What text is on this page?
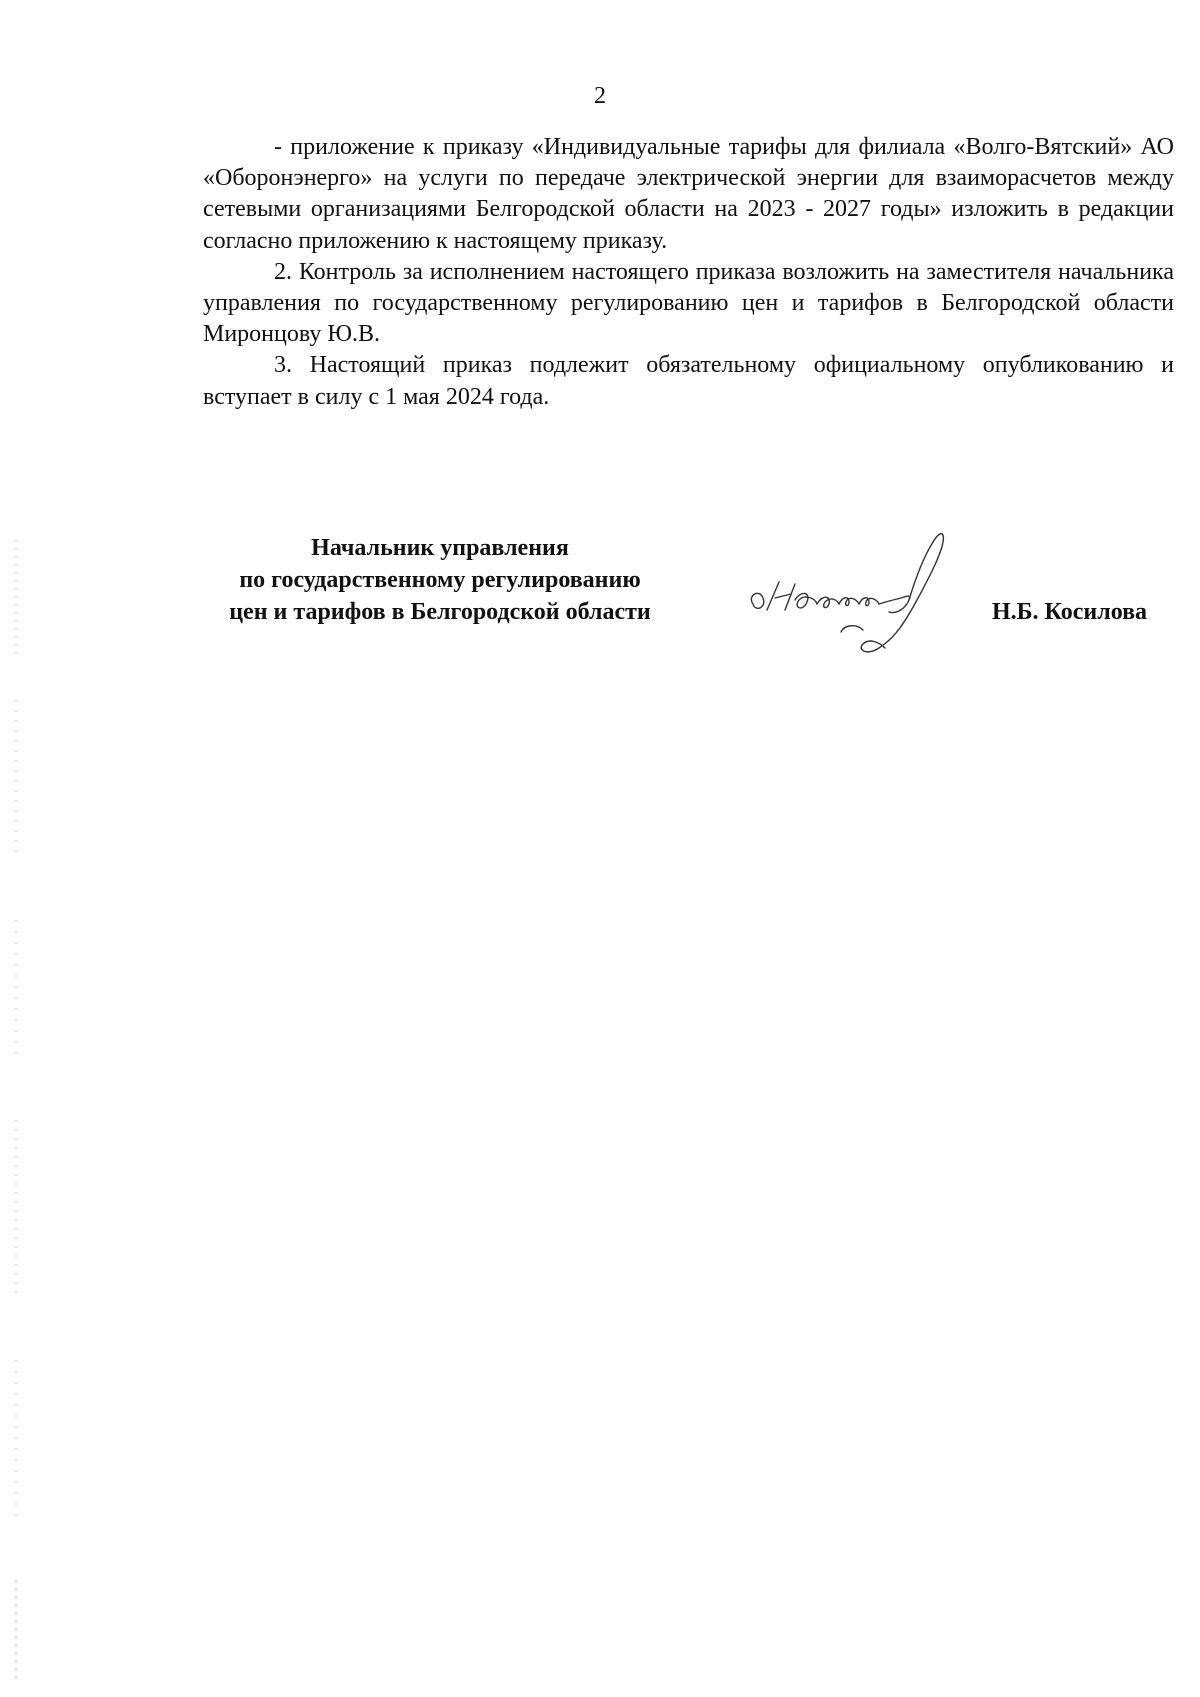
2

- приложение к приказу «Индивидуальные тарифы для филиала «Волго-Вятский» АО «Оборонэнерго» на услуги по передаче электрической энергии для взаиморасчетов между сетевыми организациями Белгородской области на 2023 - 2027 годы» изложить в редакции согласно приложению к настоящему приказу.

2. Контроль за исполнением настоящего приказа возложить на заместителя начальника управления по государственному регулированию цен и тарифов в Белгородской области Миронцову Ю.В.

3. Настоящий приказ подлежит обязательному официальному опубликованию и вступает в силу с 1 мая 2024 года.

Начальник управления
по государственному регулированию
цен и тарифов в Белгородской области	Н.Б. Косилова
